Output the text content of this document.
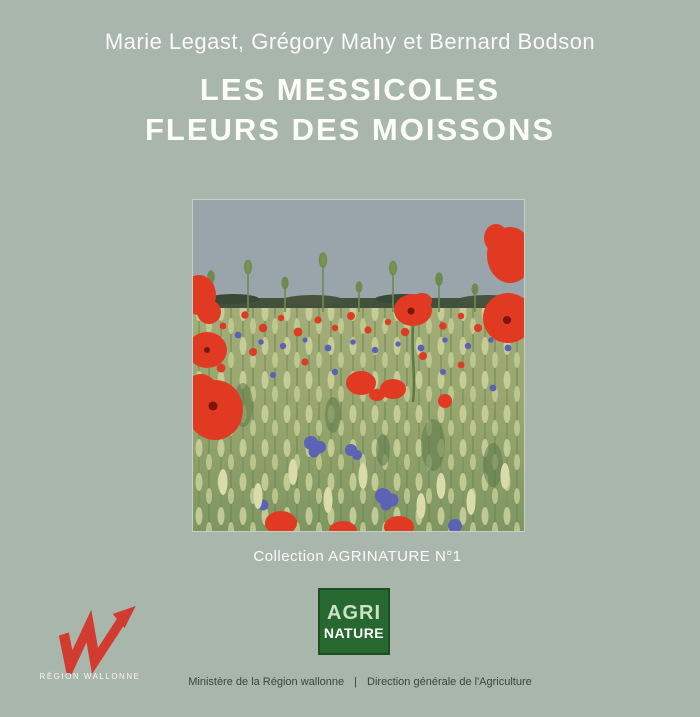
Marie Legast, Grégory Mahy et Bernard Bodson
LES MESSICOLES
FLEURS DES MOISSONS
Collection AGRINATURE N°1
AGRI
NATURE
RÉGION WALLONNE	Ministère de la Région wallonne | Direction générale de l'Agriculture
